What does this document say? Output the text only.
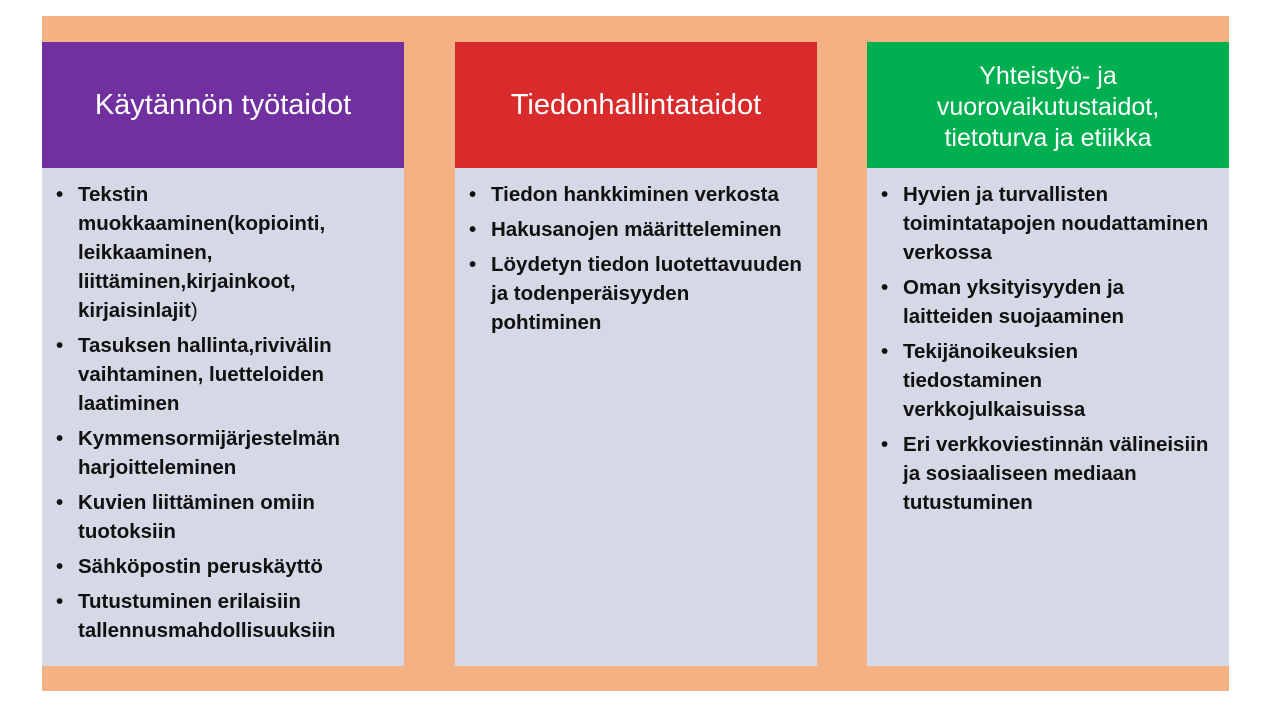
Käytännön työtaidot
• Tekstin muokkaaminen(kopiointi, leikkaaminen, liittäminen,kirjainkoot, kirjaisinlajit)
• Tasuksen hallinta,rivivälin vaihtaminen, luetteloiden laatiminen
• Kymmensormijärjestelmän harjoitteleminen
• Kuvien liittäminen omiin tuotoksiin
• Sähköpostin peruskäyttö
• Tutustuminen erilaisiin tallennusmahdollisuuksiin
Tiedonhallintataidot
• Tiedon hankkiminen verkosta
• Hakusanojen määritteleminen
• Löydetyn tiedon luotettavuuden ja todenperäisyyden pohtiminen
Yhteistyö- ja
vuorovaikutustaidot,
tietoturva ja etiikka
• Hyvien ja turvallisten toimintatapojen noudattaminen verkossa
• Oman yksityisyyden ja laitteiden suojaaminen
• Tekijänoikeuksien tiedostaminen verkkojulkaisuissa
• Eri verkkoviestinnän välineisiin ja sosiaaliseen mediaan tutustuminen
